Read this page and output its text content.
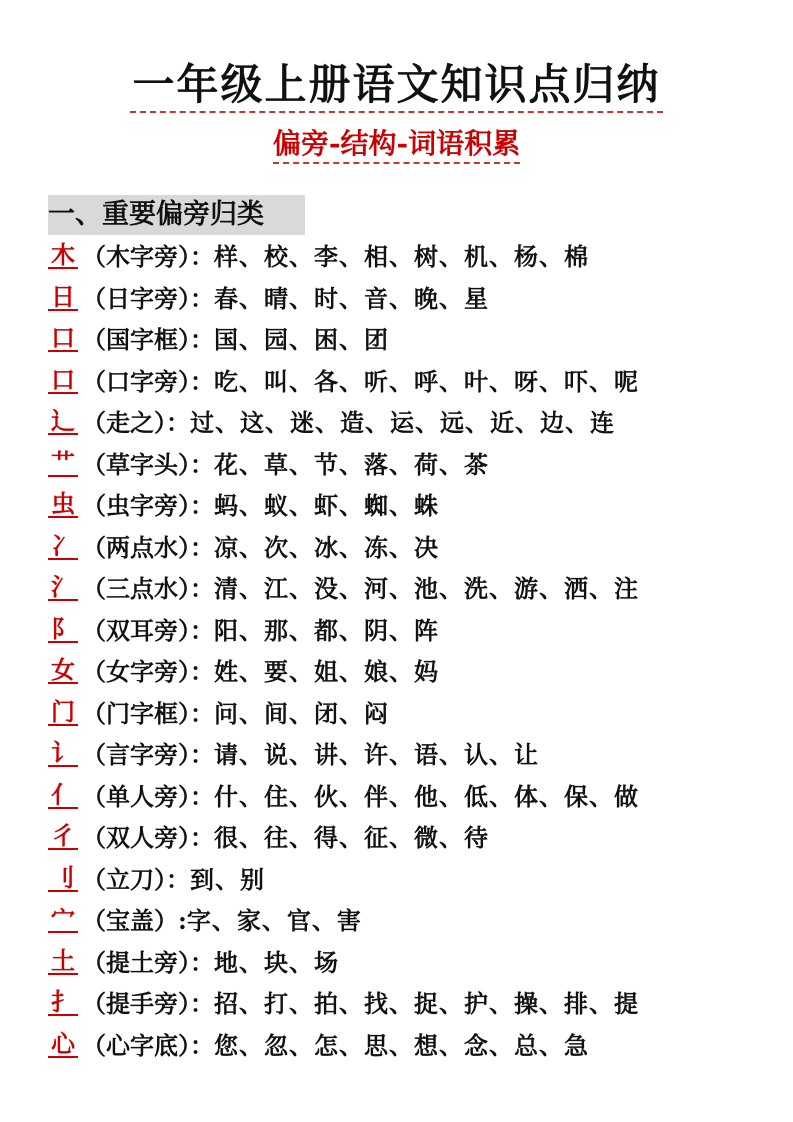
一年级上册语文知识点归纳
偏旁-结构-词语积累
一、重要偏旁归类
木 （木字旁）： 样、校、李、相、树、机、杨、棉
日 （日字旁）： 春、晴、时、音、晚、星
口 （国字框）： 国、园、困、团
口 （口字旁）： 吃、叫、各、听、呼、叶、呀、吓、呢
辶 （走之）： 过、这、迷、造、运、远、近、边、连
艹 （草字头）： 花、草、节、落、荷、茶
虫 （虫字旁）： 蚂、蚁、虾、蜘、蛛
冫 （两点水）： 凉、次、冰、冻、决
氵 （三点水）： 清、江、没、河、池、洗、游、洒、注
阝 （双耳旁）： 阳、那、都、阴、阵
女 （女字旁）： 姓、要、姐、娘、妈
门 （门字框）： 问、间、闭、闷
讠 （言字旁）： 请、说、讲、许、语、认、让
亻 （单人旁）： 什、住、伙、伴、他、低、体、保、做
彳 （双人旁）： 很、往、得、征、微、待
刂 （立刀）： 到、别
宀 （宝盖）: 字、家、官、害
土 （提土旁）： 地、块、场
扌 （提手旁）： 招、打、拍、找、捉、护、操、排、提
心 （心字底）： 您、忽、怎、思、想、念、总、急
